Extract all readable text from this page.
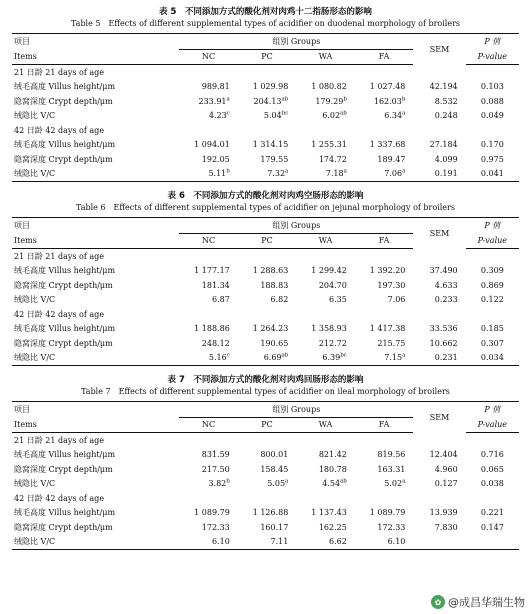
表 5　不同添加方式的酸化剂对肉鸡十二指肠形态的影响
Table 5　Effects of different supplemental types of acidifier on duodenal morphology of broilers
项目	组别 Groups				SEM	P 值
Items	NC	PC	WA	FA		P-value
21 日龄 21 days of age						
绒毛高度 Villus height/μm	989.81	1 029.98	1 080.82	1 027.48	42.194	0.103
隐窝深度 Crypt depth/μm	233.91$^a$	204.13$^{ab}$	179.29$^b$	162.03$^b$	8.532	0.088
绒隐比 V/C	4.23$^c$	5.04$^{bc}$	6.02$^{ab}$	6.34$^a$	0.248	0.049
42 日龄 42 days of age						
绒毛高度 Villus height/μm	1 094.01	1 314.15	1 255.31	1 337.68	27.184	0.170
隐窝深度 Crypt depth/μm	192.05	179.55	174.72	189.47	4.099	0.975
绒隐比 V/C	5.11$^b$	7.32$^a$	7.18$^a$	7.06$^a$	0.191	0.041
表 6　不同添加方式的酸化剂对肉鸡空肠形态的影响
Table 6　Effects of different supplemental types of acidifier on jejunal morphology of broilers
项目	组别 Groups				SEM	P 值
Items	NC	PC	WA	FA		P-value
21 日龄 21 days of age						
绒毛高度 Villus height/μm	1 177.17	1 288.63	1 299.42	1 392.20	37.490	0.309
隐窝深度 Crypt depth/μm	181.34	188.83	204.70	197.30	4.633	0.869
绒隐比 V/C	6.87	6.82	6.35	7.06	0.233	0.122
42 日龄 42 days of age						
绒毛高度 Villus height/μm	1 188.86	1 264.23	1 358.93	1 417.38	33.536	0.185
隐窝深度 Crypt depth/μm	248.12	190.65	212.72	215.75	10.662	0.307
绒隐比 V/C	5.16$^c$	6.69$^{ab}$	6.39$^{bc}$	7.15$^a$	0.231	0.034
表 7　不同添加方式的酸化剂对肉鸡回肠形态的影响
Table 7　Effects of different supplemental types of acidifier on ileal morphology of broilers
项目	组别 Groups				SEM	P 值
Items	NC	PC	WA	FA		P-value
21 日龄 21 days of age						
绒毛高度 Villus height/μm	831.59	800.01	821.42	819.56	12.404	0.716
隐窝深度 Crypt depth/μm	217.50	158.45	180.78	163.31	4.960	0.065
绒隐比 V/C	3.82$^b$	5.05$^a$	4.54$^{ab}$	5.02$^a$	0.127	0.038
42 日龄 42 days of age						
绒毛高度 Villus height/μm	1 089.79	1 126.88	1 137.43	1 089.79	13.939	0.221
隐窝深度 Crypt depth/μm	172.33	160.17	162.25	172.33	7.830	0.147
绒隐比 V/C	6.10	7.11	6.62	6.10		
✿ @成昌华瑞生物
